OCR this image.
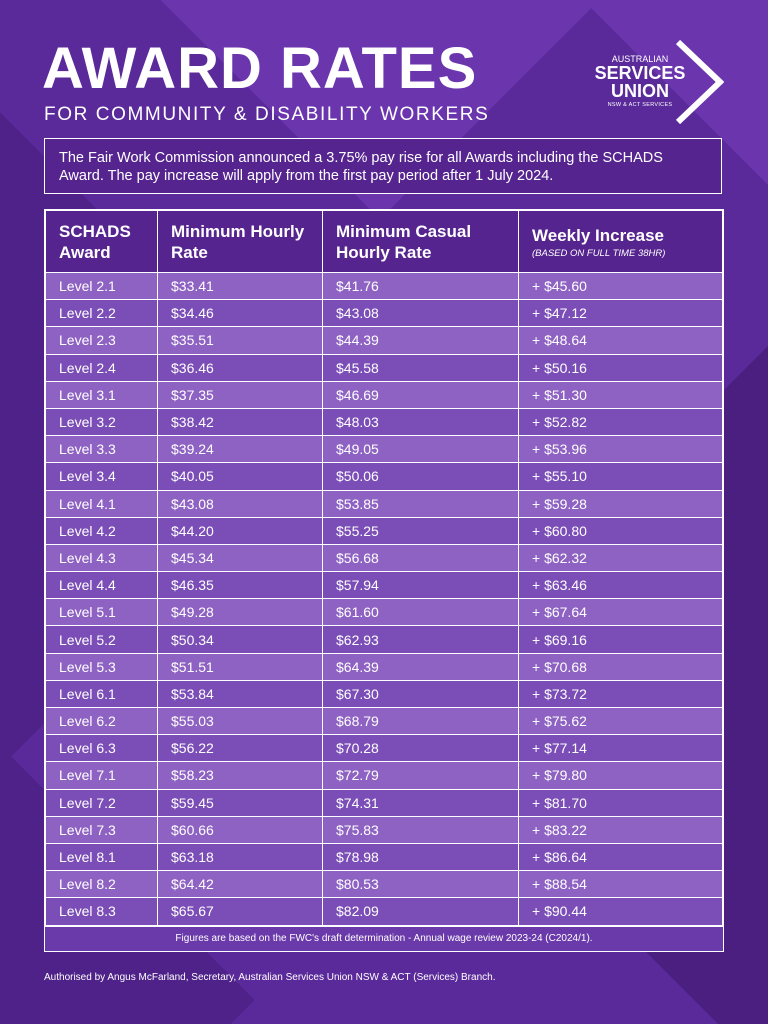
AWARD RATES
FOR COMMUNITY & DISABILITY WORKERS
AUSTRALIAN
SERVICES
UNION
NSW & ACT SERVICES
The Fair Work Commission announced a 3.75% pay rise for all Awards including the SCHADS Award. The pay increase will apply from the first pay period after 1 July 2024.
SCHADS Award	Minimum Hourly Rate	Minimum Casual Hourly Rate	Weekly Increase
(BASED ON FULL TIME 38HR)

Level 2.1	$33.41	$41.76	+ $45.60
Level 2.2	$34.46	$43.08	+ $47.12
Level 2.3	$35.51	$44.39	+ $48.64
Level 2.4	$36.46	$45.58	+ $50.16
Level 3.1	$37.35	$46.69	+ $51.30
Level 3.2	$38.42	$48.03	+ $52.82
Level 3.3	$39.24	$49.05	+ $53.96
Level 3.4	$40.05	$50.06	+ $55.10
Level 4.1	$43.08	$53.85	+ $59.28
Level 4.2	$44.20	$55.25	+ $60.80
Level 4.3	$45.34	$56.68	+ $62.32
Level 4.4	$46.35	$57.94	+ $63.46
Level 5.1	$49.28	$61.60	+ $67.64
Level 5.2	$50.34	$62.93	+ $69.16
Level 5.3	$51.51	$64.39	+ $70.68
Level 6.1	$53.84	$67.30	+ $73.72
Level 6.2	$55.03	$68.79	+ $75.62
Level 6.3	$56.22	$70.28	+ $77.14
Level 7.1	$58.23	$72.79	+ $79.80
Level 7.2	$59.45	$74.31	+ $81.70
Level 7.3	$60.66	$75.83	+ $83.22
Level 8.1	$63.18	$78.98	+ $86.64
Level 8.2	$64.42	$80.53	+ $88.54
Level 8.3	$65.67	$82.09	+ $90.44
Figures are based on the FWC's draft determination - Annual wage review 2023-24 (C2024/1).
Authorised by Angus McFarland, Secretary, Australian Services Union NSW & ACT (Services) Branch.
